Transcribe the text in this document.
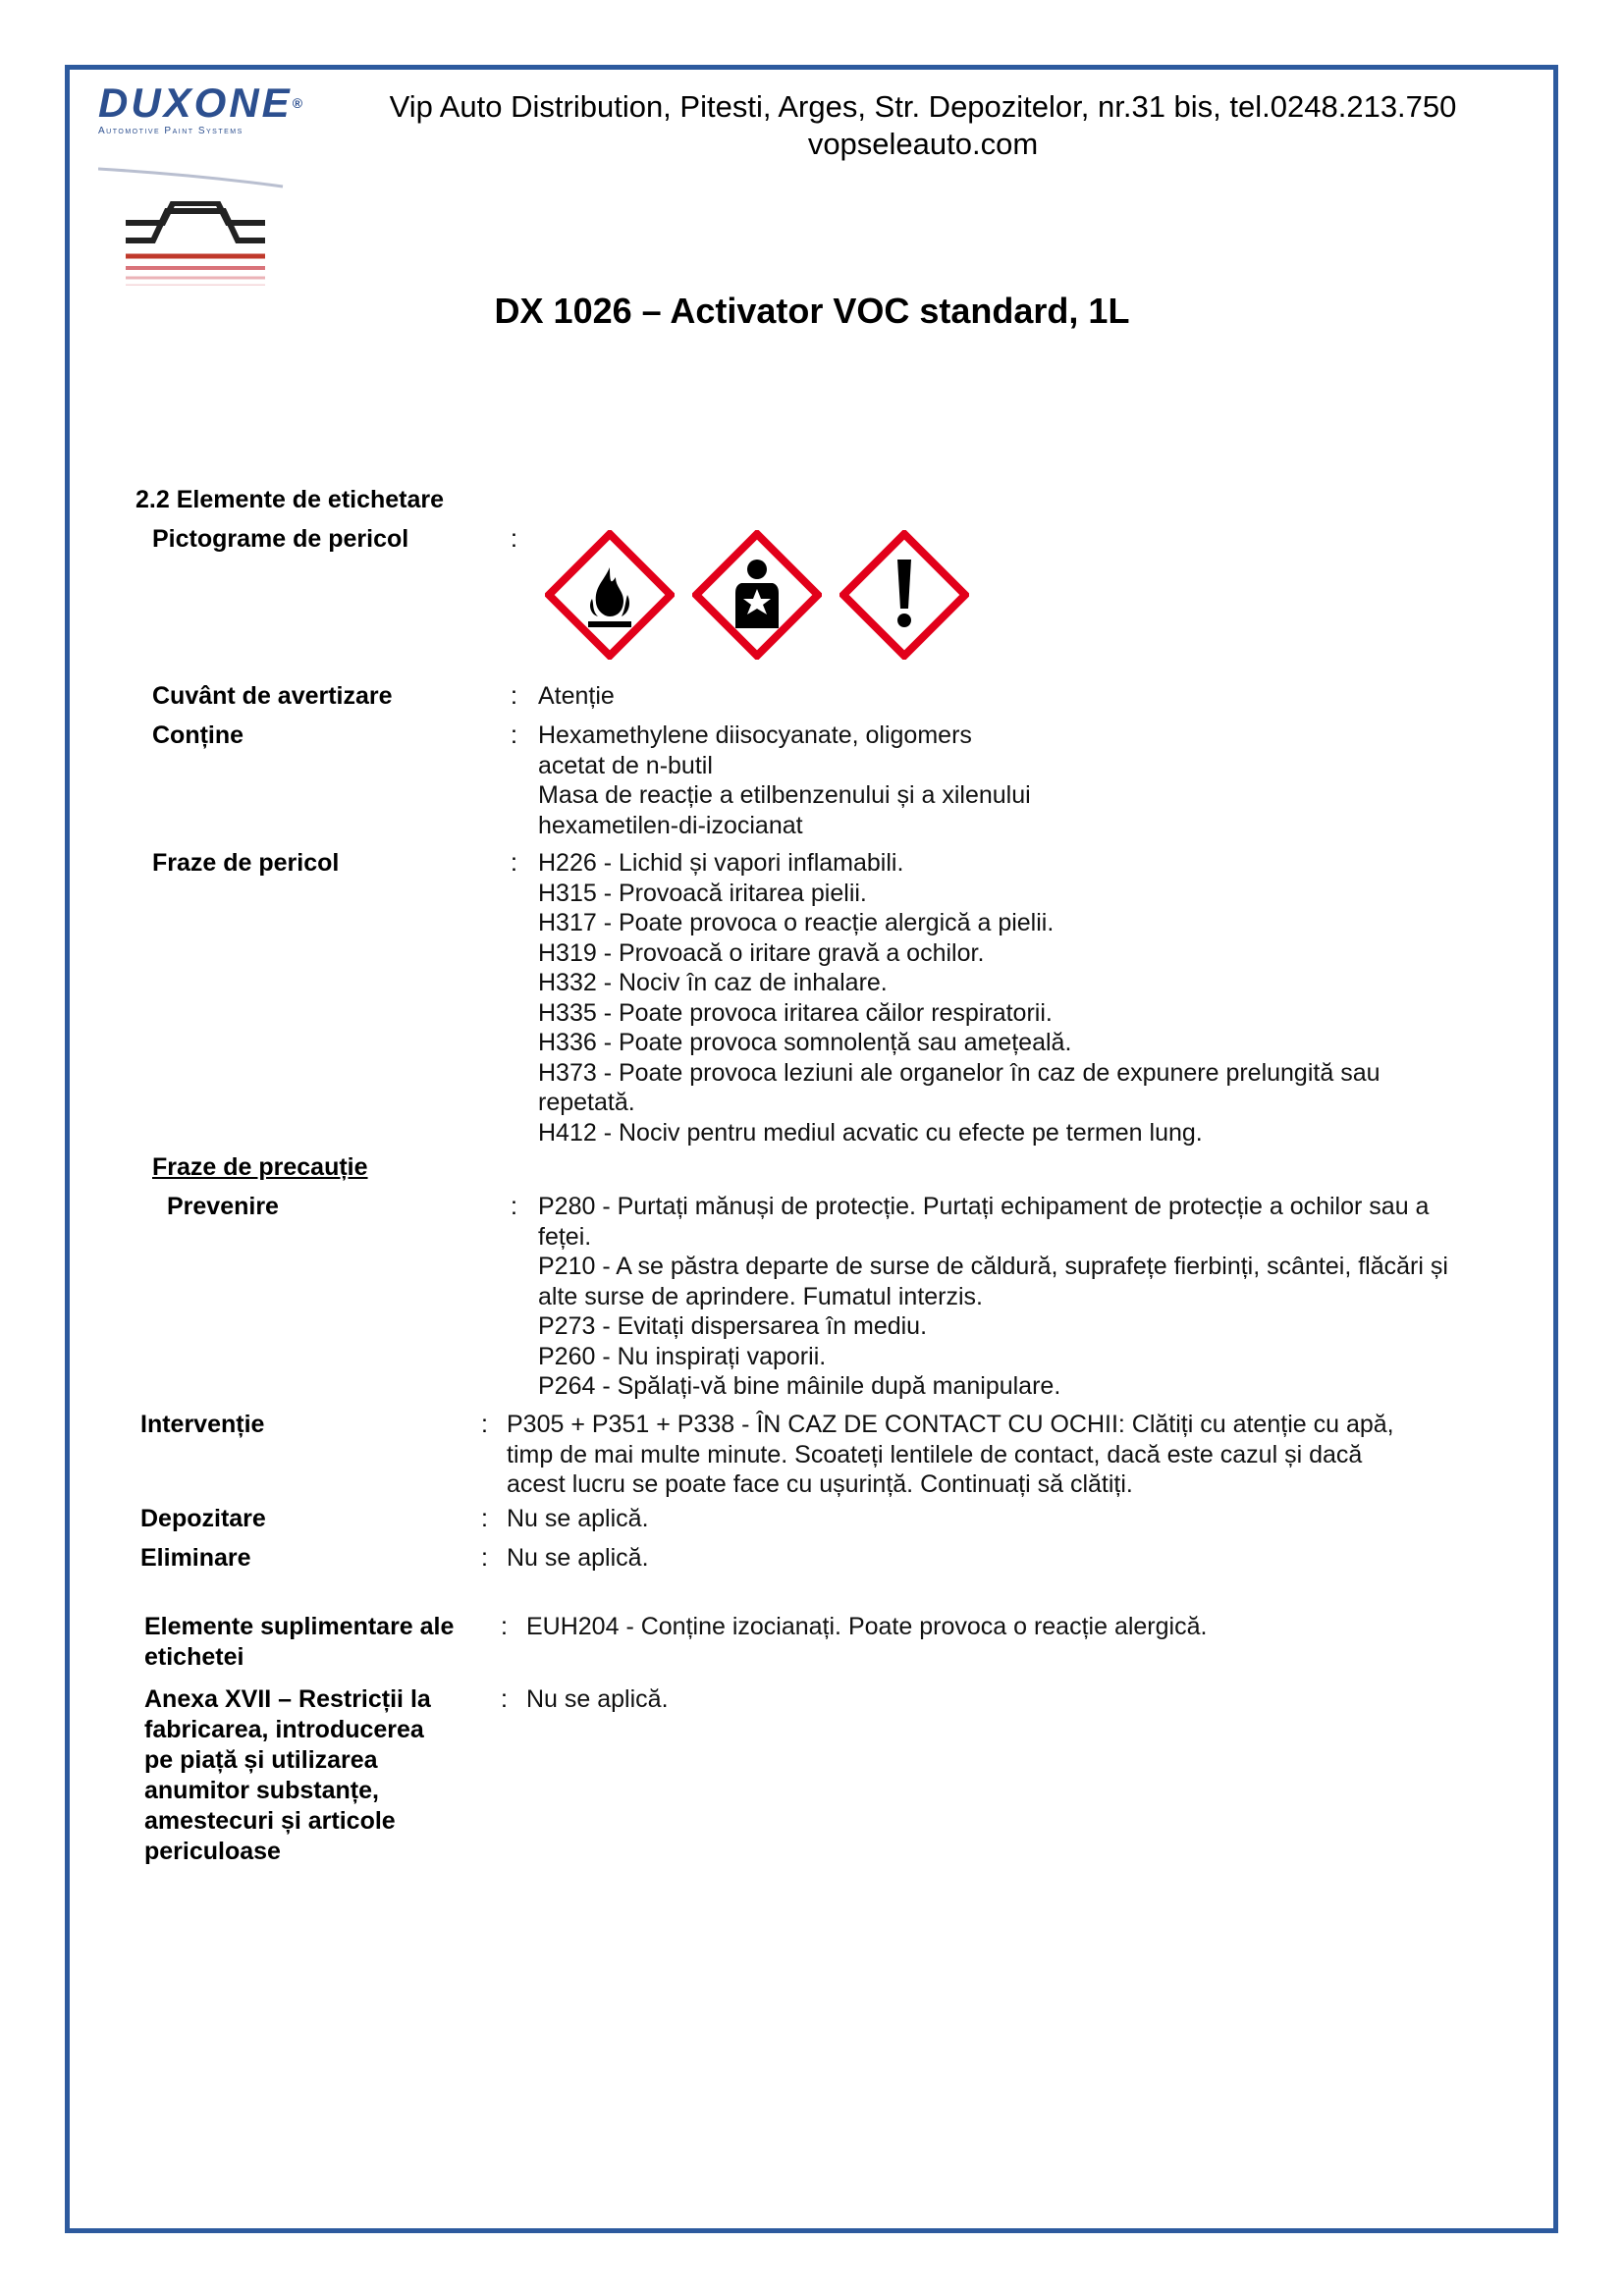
DUXONE®
Automotive Paint Systems
Vip Auto Distribution, Pitesti, Arges, Str. Depozitelor, nr.31 bis, tel.0248.213.750
vopseleauto.com
DX 1026 – Activator VOC standard, 1L
2.2 Elemente de etichetare
Pictograme de pericol	:
Cuvânt de avertizare	: Atenție
Conține	: Hexamethylene diisocyanate, oligomers
acetat de n-butil
Masa de reacție a etilbenzenului și a xilenului
hexametilen-di-izocianat
Fraze de pericol	: H226 - Lichid și vapori inflamabili.
H315 - Provoacă iritarea pielii.
H317 - Poate provoca o reacție alergică a pielii.
H319 - Provoacă o iritare gravă a ochilor.
H332 - Nociv în caz de inhalare.
H335 - Poate provoca iritarea căilor respiratorii.
H336 - Poate provoca somnolență sau amețeală.
H373 - Poate provoca leziuni ale organelor în caz de expunere prelungită sau
repetată.
H412 - Nociv pentru mediul acvatic cu efecte pe termen lung.
Fraze de precauție
Prevenire	: P280 - Purtați mănuși de protecție. Purtați echipament de protecție a ochilor sau a
feței.
P210 - A se păstra departe de surse de căldură, suprafețe fierbinți, scântei, flăcări și
alte surse de aprindere. Fumatul interzis.
P273 - Evitați dispersarea în mediu.
P260 - Nu inspirați vaporii.
P264 - Spălați-vă bine mâinile după manipulare.
Intervenție	: P305 + P351 + P338 - ÎN CAZ DE CONTACT CU OCHII: Clătiți cu atenție cu apă,
timp de mai multe minute. Scoateți lentilele de contact, dacă este cazul și dacă
acest lucru se poate face cu ușurință. Continuați să clătiți.
Depozitare	: Nu se aplică.
Eliminare	: Nu se aplică.
Elemente suplimentare ale
etichetei
: EUH204 - Conține izocianați. Poate provoca o reacție alergică.
Anexa XVII – Restricții la
fabricarea, introducerea
pe piață și utilizarea
anumitor substanțe,
amestecuri și articole
periculoase
: Nu se aplică.
